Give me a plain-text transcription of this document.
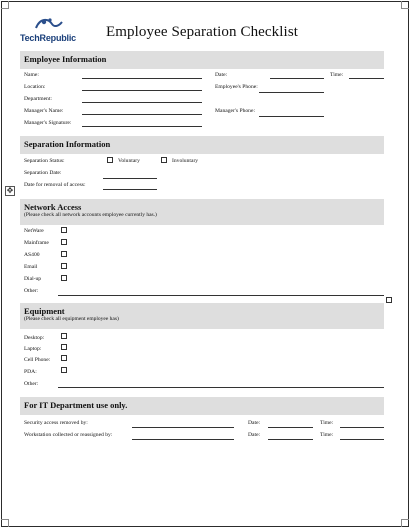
TechRepublic Employee Separation Checklist
Employee Information
Name:	Date:	Time:
Location:	Employee's Phone:
Department:
Manager's Name:	Manager's Phone:
Manager's Signature:
Separation Information
Separation Status:	Voluntary	Involuntary
Separation Date:
Date for removal of access:
✥
Network Access
(Please check all network accounts employee currently has.)
NetWare
Mainframe
AS400
Email
Dial-up
Other:
Equipment
(Please check all equipment employee has)
Desktop:
Laptop:
Cell Phone:
PDA:
Other:
For IT Department use only.
Security access removed by:	Date:	Time:
Workstation collected or reassigned by:	Date:	Time:
